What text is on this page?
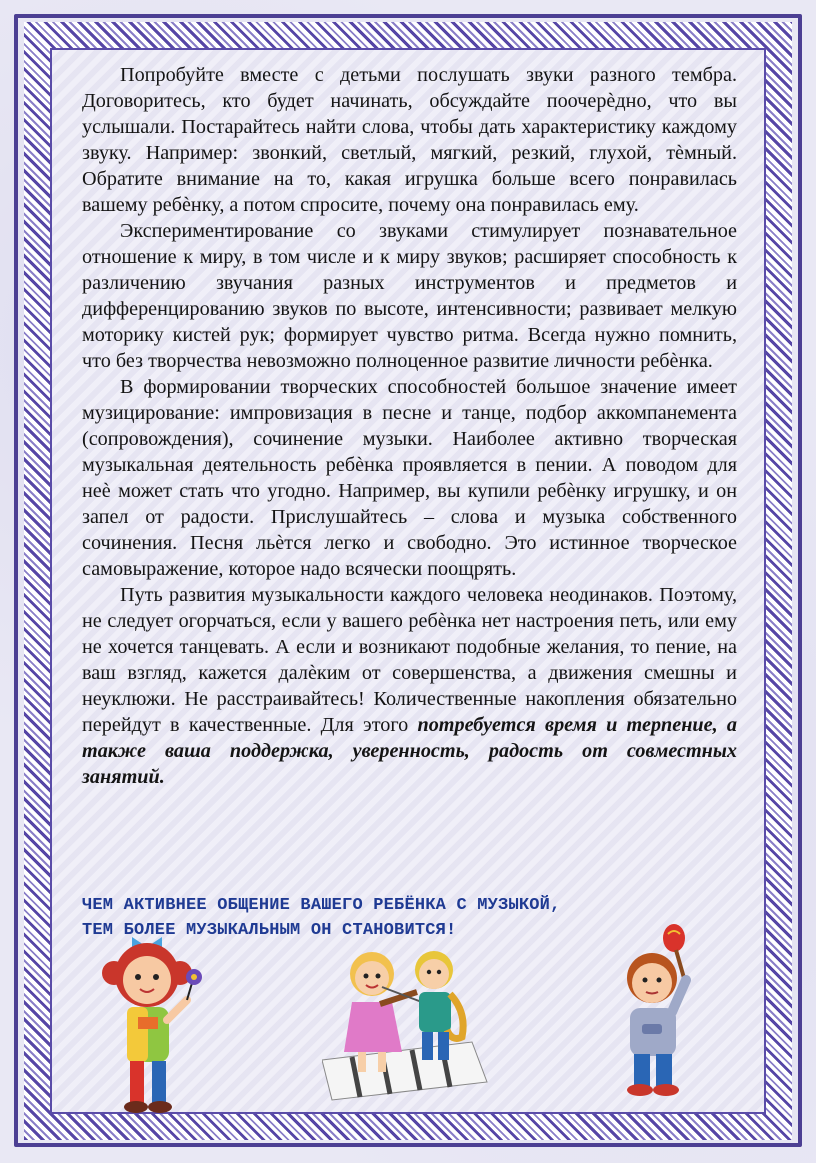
Попробуйте вместе с детьми послушать звуки разного тембра. Договоритесь, кто будет начинать, обсуждайте поочерѐдно, что вы услышали. Постарайтесь найти слова, чтобы дать характеристику каждому звуку. Например: звонкий, светлый, мягкий, резкий, глухой, тѐмный. Обратите внимание на то, какая игрушка больше всего понравилась вашему ребѐнку, а потом спросите, почему она понравилась ему.

Экспериментирование со звуками стимулирует познавательное отношение к миру, в том числе и к миру звуков; расширяет способность к различению звучания разных инструментов и предметов и дифференцированию звуков по высоте, интенсивности; развивает мелкую моторику кистей рук; формирует чувство ритма. Всегда нужно помнить, что без творчества невозможно полноценное развитие личности ребѐнка.

В формировании творческих способностей большое значение имеет музицирование: импровизация в песне и танце, подбор аккомпанемента (сопровождения), сочинение музыки. Наиболее активно творческая музыкальная деятельность ребѐнка проявляется в пении. А поводом для неѐ может стать что угодно. Например, вы купили ребѐнку игрушку, и он запел от радости. Прислушайтесь – слова и музыка собственного сочинения. Песня льѐтся легко и свободно. Это истинное творческое самовыражение, которое надо всячески поощрять.

Путь развития музыкальности каждого человека неодинаков. Поэтому, не следует огорчаться, если у вашего ребѐнка нет настроения петь, или ему не хочется танцевать. А если и возникают подобные желания, то пение, на ваш взгляд, кажется далѐким от совершенства, а движения смешны и неуклюжи. Не расстраивайтесь! Количественные накопления обязательно перейдут в качественные. Для этого потребуется время и терпение, а также ваша поддержка, уверенность, радость от совместных занятий.

ЧЕМ АКТИВНЕЕ ОБЩЕНИЕ ВАШЕГО РЕБЁНКА С МУЗЫКОЙ,
ТЕМ БОЛЕЕ МУЗЫКАЛЬНЫМ ОН СТАНОВИТСЯ!
